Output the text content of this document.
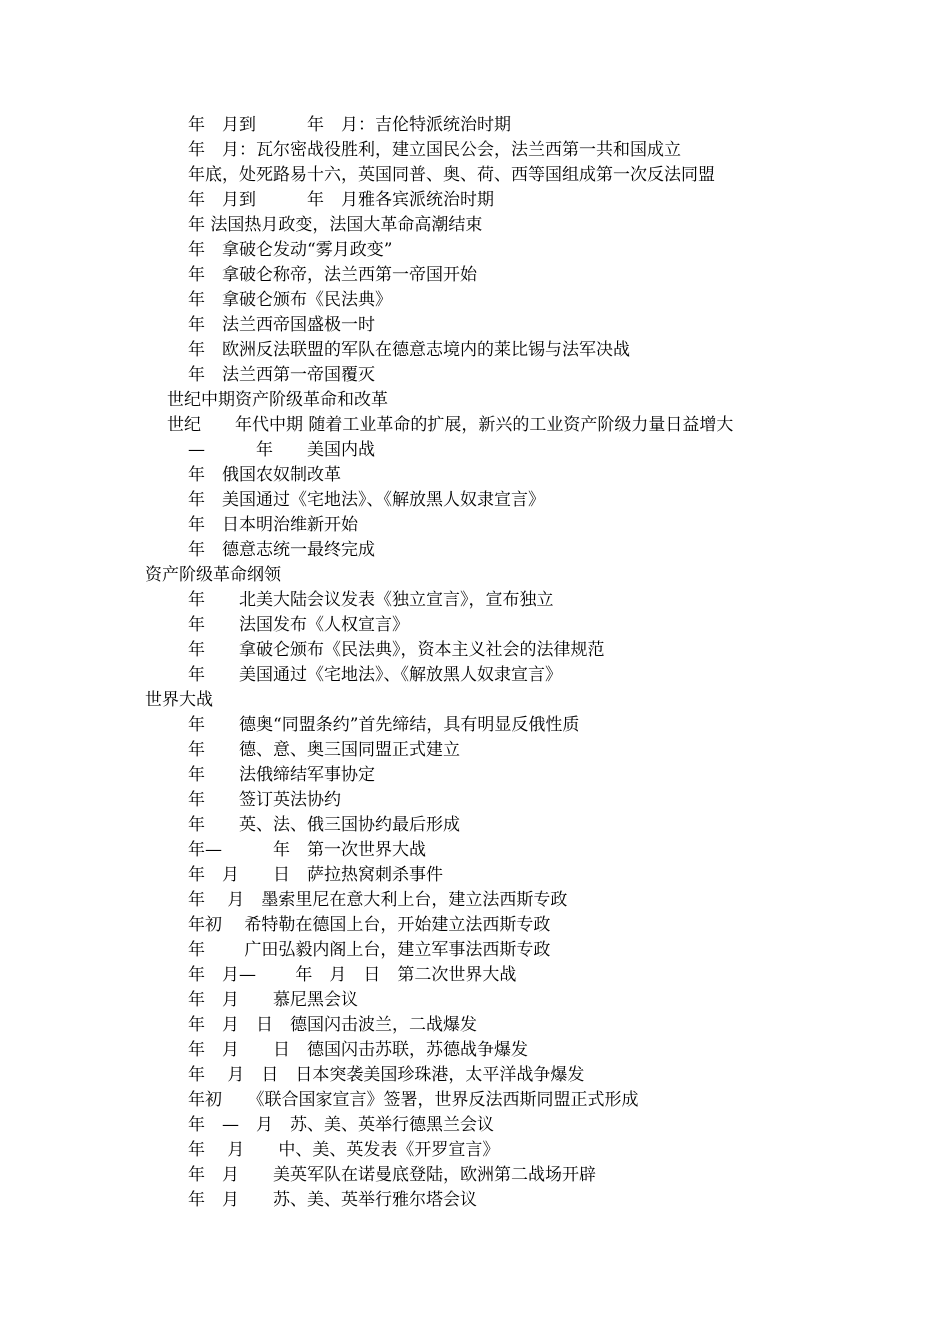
年　月到　　　年　月：吉伦特派统治时期
年　月：瓦尔密战役胜利，建立国民公会，法兰西第一共和国成立
年底，处死路易十六，英国同普、奥、荷、西等国组成第一次反法同盟
年　月到　　　年　月雅各宾派统治时期
年 法国热月政变，法国大革命高潮结束
年　拿破仑发动“雾月政变”
年　拿破仑称帝，法兰西第一帝国开始
年　拿破仑颁布《民法典》
年　法兰西帝国盛极一时
年　欧洲反法联盟的军队在德意志境内的莱比锡与法军决战
年　法兰西第一帝国覆灭
世纪中期资产阶级革命和改革
世纪　　年代中期 随着工业革命的扩展，新兴的工业资产阶级力量日益增大
—　　　年　　美国内战
年　俄国农奴制改革
年　美国通过《宅地法》、《解放黑人奴隶宣言》
年　日本明治维新开始
年　德意志统一最终完成
资产阶级革命纲领
年　　北美大陆会议发表《独立宣言》，宣布独立
年　　法国发布《人权宣言》
年　　拿破仑颁布《民法典》，资本主义社会的法律规范
年　　美国通过《宅地法》、《解放黑人奴隶宣言》
世界大战
年　　德奥“同盟条约”首先缔结，具有明显反俄性质
年　　德、意、奥三国同盟正式建立
年　　法俄缔结军事协定
年　　签订英法协约
年　　英、法、俄三国协约最后形成
年—　　　年　第一次世界大战
年　月　　日　萨拉热窝刺杀事件
年　 月　墨索里尼在意大利上台，建立法西斯专政
年初　 希特勒在德国上台，开始建立法西斯专政
年　　 广田弘毅内阁上台，建立军事法西斯专政
年　月—　　 年　月　日　第二次世界大战
年　月　　慕尼黑会议
年　月　日　德国闪击波兰，二战爆发
年　月　　日　德国闪击苏联，苏德战争爆发
年　 月　日　日本突袭美国珍珠港，太平洋战争爆发
年初　　《联合国家宣言》签署，世界反法西斯同盟正式形成
年　—　月　苏、美、英举行德黑兰会议
年　 月　　中、美、英发表《开罗宣言》
年　月　　美英军队在诺曼底登陆，欧洲第二战场开辟
年　月　　苏、美、英举行雅尔塔会议
